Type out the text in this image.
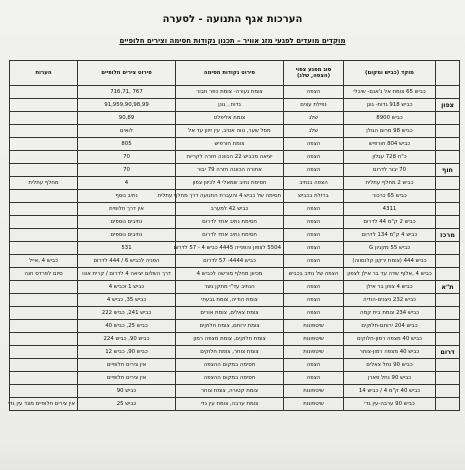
הערכות אגף התנועה - לסערה
מוקדים מועדים לפגעי מזג אוויר – תכנון נקודות חסימה וצירים חלופיים
	מוקד (כביש ומקום)	סוג מפגע צפוי (הצפה, שלג)	פירוט נקודות חסימה	פירוט צירים חלופיים	הערות
	כביש 65 צומת אל ג'אנם- שיבלי	הצפה	צומת נעורה- צומת כפר תבור	767 ,716,71	
צפון	כביש 918 גדות- גונן	נפילת עצים	גדות , גונן	91,959,90,98,99	
	כביש 8900	שלג	צומת אליפלט	90,89	
	כביש 98 מרום הגולן	שלג	מסל שער, נווה אטיב, עין זיוון עד אל	לואים	
	כביש 804 חורפיש	הצפה	צומת חורפיש	805	
	כ"ח 728 עגלון	הצפה	יציאה מכביש 22 הכוונה חזרה לקריות	70	
חוף	70 יבור לדרום	הצפה	אחורה הכוונה חזרה 79 יבור	70	
	כביש 2 מחלף עתלית	הצפה בנתיב	חסימת נתיב שמאלי 4 לכיוון צפון	4	מחלף עתלית
	כביש 65 כרכור	ברזלת בכביש	חסימה של כביש 4 והעברת התנועה דרך מחלף עתלית	נתיב נוסף	
	4311	הצפה	כביש 42 למערב	אין דרך חלופית	
	כביש 2 ק"מ 44 לדרום	הצפה	חסימת נתיב אחד לדרום	נתיבים נוספים	
מרכז	כביש 4 ק"מ 134 לדרום	הצפה	חסימת נתיב אחד לדרום	נתיבים נוספים	
	כביש 55 מקניון G	הצפה	5504 לצפון והפנייה 4445 כביש 4 - 57 לדרום	531	
	כביש 444 (צומת ירקון קלנסווה)	הצפה	כביש 4444- 57 לדרום	הפניה לכביש 6 / 444 לדרום	כביש 4 ,אייל
	כביש 4 ,אלוף שדה עד בר אילן לצפון	הצפה של נתיב בכביש	מכיוון מחלף מורשה לכביש 4	דרך השלום יציאה 4 לדרום / קרית אונו	סיום לפרדס חנה
ת"א	כביש 4 צפון בר אילן	הצפה	הנתיב עד"י מתקן גשר	כביש 1 וכביש 4	
	כביש 232 ניצנים-הודיה	הצפה	צומת הודיה, צומת גבעתי	כביש 35, כביש 4	
	כביש 234 צומת בית קמה	הצפה	צומת צאלים, צומת אורים	כביש 241, כביש 222	
	כביש 204 ירוחם-חלוקים	שיטפונות	צומת ירוחם, צומת חלוקים	כביש 25, כביש 40	
	כביש 40 מצפה רמון-חלוקים	שיטפונות	צומת חלוקים, צומת מצפה רמון	כביש 90, כביש 224	
דרום	כביש 40 מצפה רמון-צוחר	שיטפונות	צומת צוחר, צומת חלוקים	כביש 90, כביש 12	
	כביש 90 נחל צאלים	הצפה	חסימה במקום ההצפה	אין צירים חלופיים	
	כביש 90 נחל פארן	הצפה	חסימה במקום ההצפה	אין צירים חלופיים	
	כביש 40 ק"מ 4 / כביש 14	שיטפונות	צומת קטורה, צומת צוחר	כביש 90	
	כביש 90 ערבה-עין גדי	שיטפונות	צומת ערבה, צומת עין גדי	כביש 25	אין צירים חלופיים מצד עין גדי
